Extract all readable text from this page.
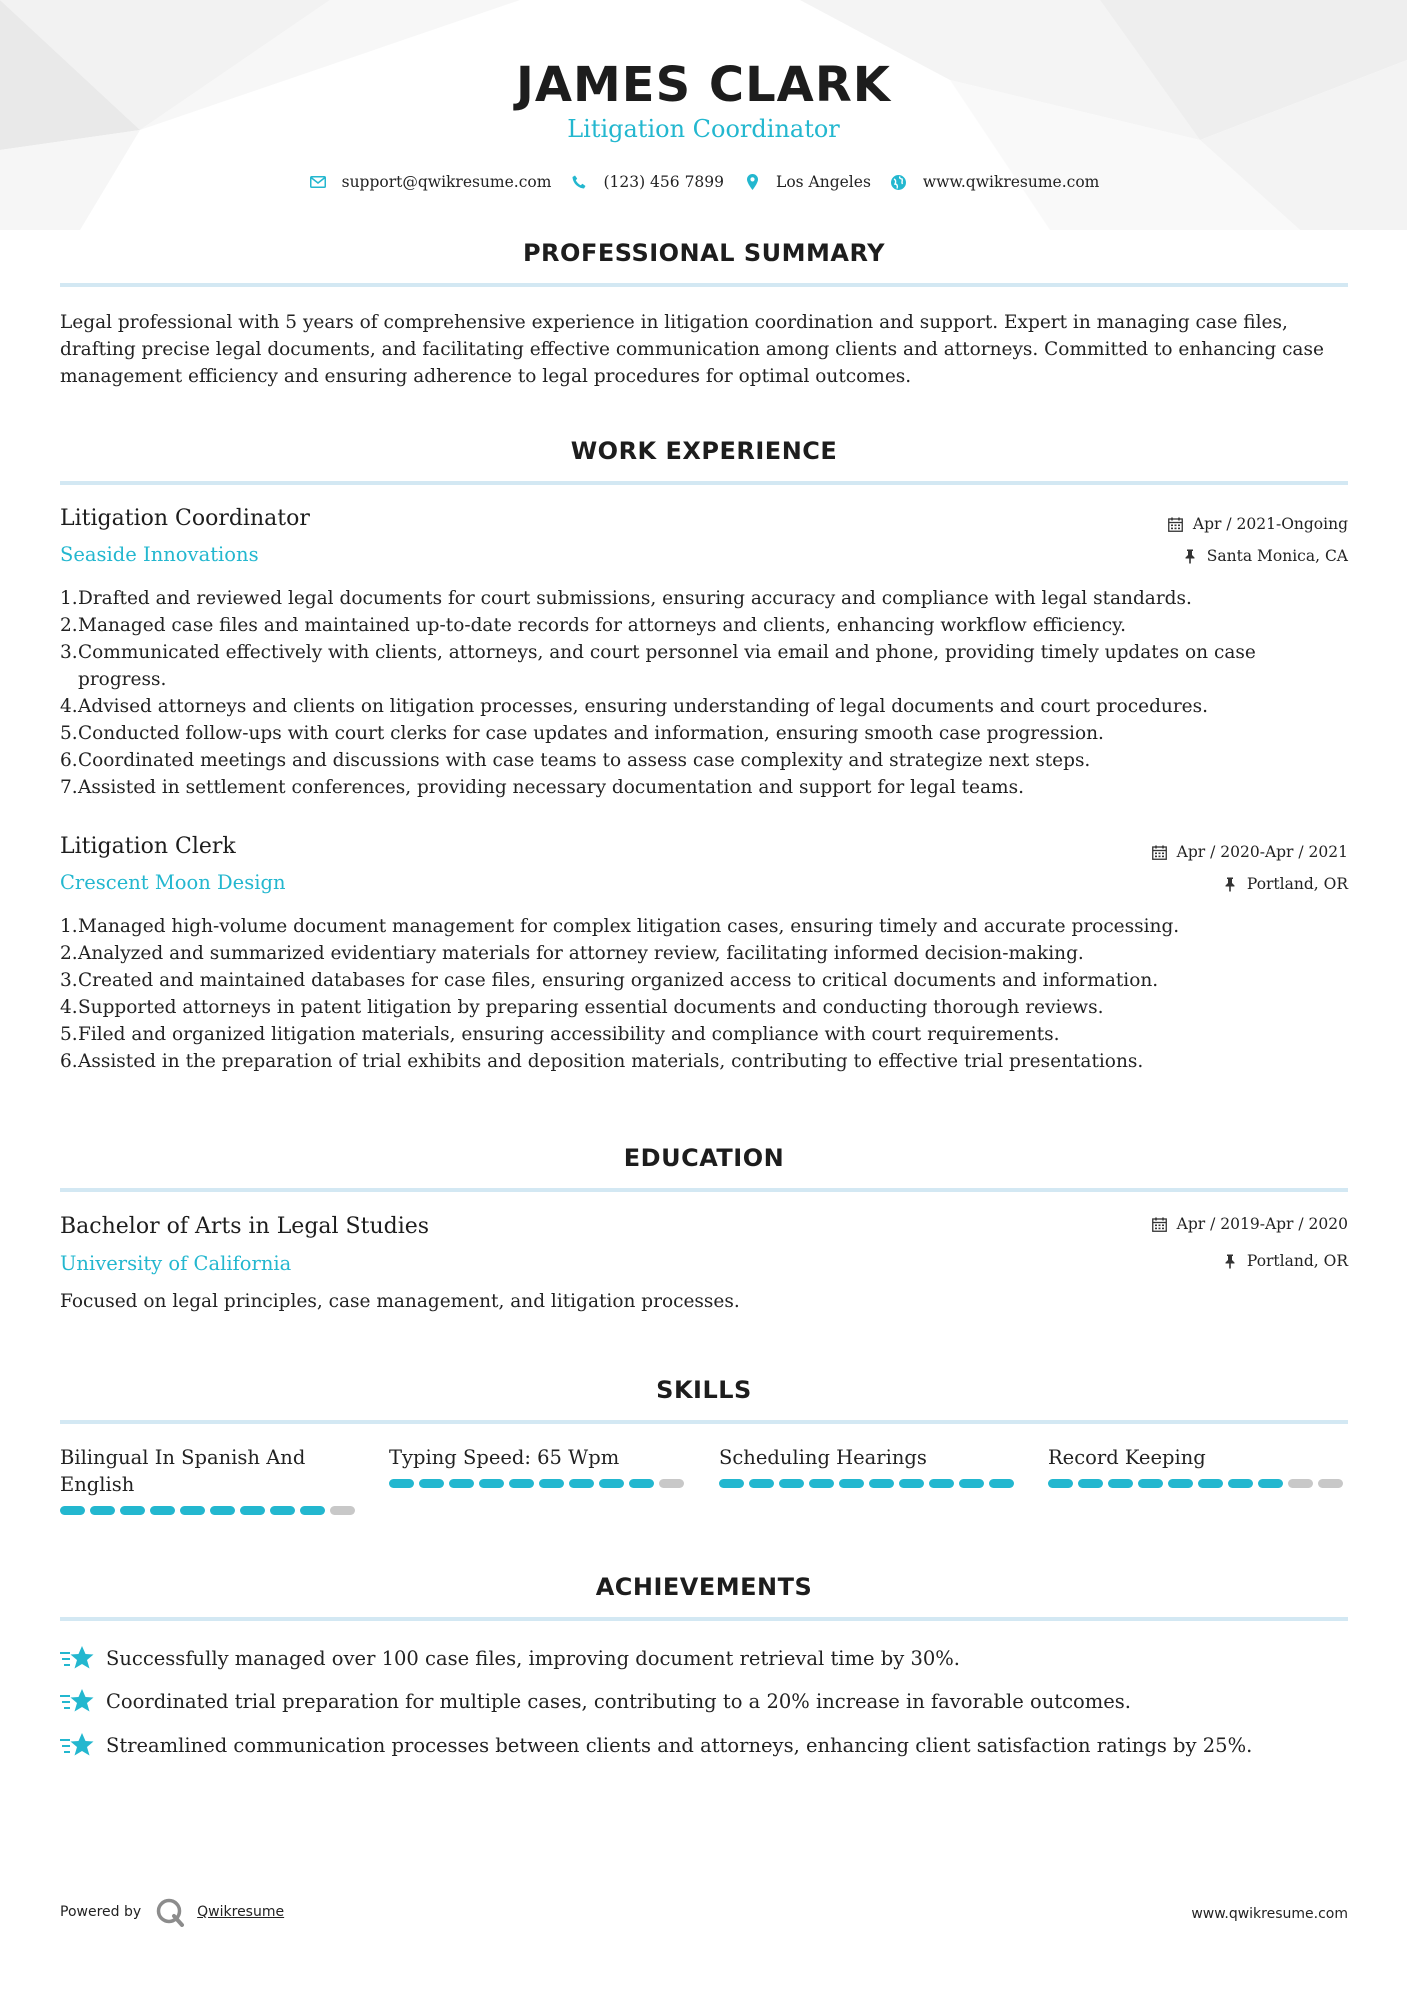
JAMES CLARK
Litigation Coordinator
support@qwikresume.com	(123) 456 7899	Los Angeles	www.qwikresume.com
PROFESSIONAL SUMMARY
Legal professional with 5 years of comprehensive experience in litigation coordination and support. Expert in managing case files, drafting precise legal documents, and facilitating effective communication among clients and attorneys. Committed to enhancing case management efficiency and ensuring adherence to legal procedures for optimal outcomes.
WORK EXPERIENCE
Litigation Coordinator
Seaside Innovations
Apr / 2021-Ongoing
Santa Monica, CA
1. Drafted and reviewed legal documents for court submissions, ensuring accuracy and compliance with legal standards.
2. Managed case files and maintained up-to-date records for attorneys and clients, enhancing workflow efficiency.
3. Communicated effectively with clients, attorneys, and court personnel via email and phone, providing timely updates on case progress.
4. Advised attorneys and clients on litigation processes, ensuring understanding of legal documents and court procedures.
5. Conducted follow-ups with court clerks for case updates and information, ensuring smooth case progression.
6. Coordinated meetings and discussions with case teams to assess case complexity and strategize next steps.
7. Assisted in settlement conferences, providing necessary documentation and support for legal teams.
Litigation Clerk
Crescent Moon Design
Apr / 2020-Apr / 2021
Portland, OR
1. Managed high-volume document management for complex litigation cases, ensuring timely and accurate processing.
2. Analyzed and summarized evidentiary materials for attorney review, facilitating informed decision-making.
3. Created and maintained databases for case files, ensuring organized access to critical documents and information.
4. Supported attorneys in patent litigation by preparing essential documents and conducting thorough reviews.
5. Filed and organized litigation materials, ensuring accessibility and compliance with court requirements.
6. Assisted in the preparation of trial exhibits and deposition materials, contributing to effective trial presentations.
EDUCATION
Bachelor of Arts in Legal Studies
University of California
Apr / 2019-Apr / 2020
Portland, OR
Focused on legal principles, case management, and litigation processes.
SKILLS
Bilingual In Spanish And English
Typing Speed: 65 Wpm	Scheduling Hearings	Record Keeping
ACHIEVEMENTS
Successfully managed over 100 case files, improving document retrieval time by 30%.
Coordinated trial preparation for multiple cases, contributing to a 20% increase in favorable outcomes.
Streamlined communication processes between clients and attorneys, enhancing client satisfaction ratings by 25%.
Powered by	Qwikresume	www.qwikresume.com
